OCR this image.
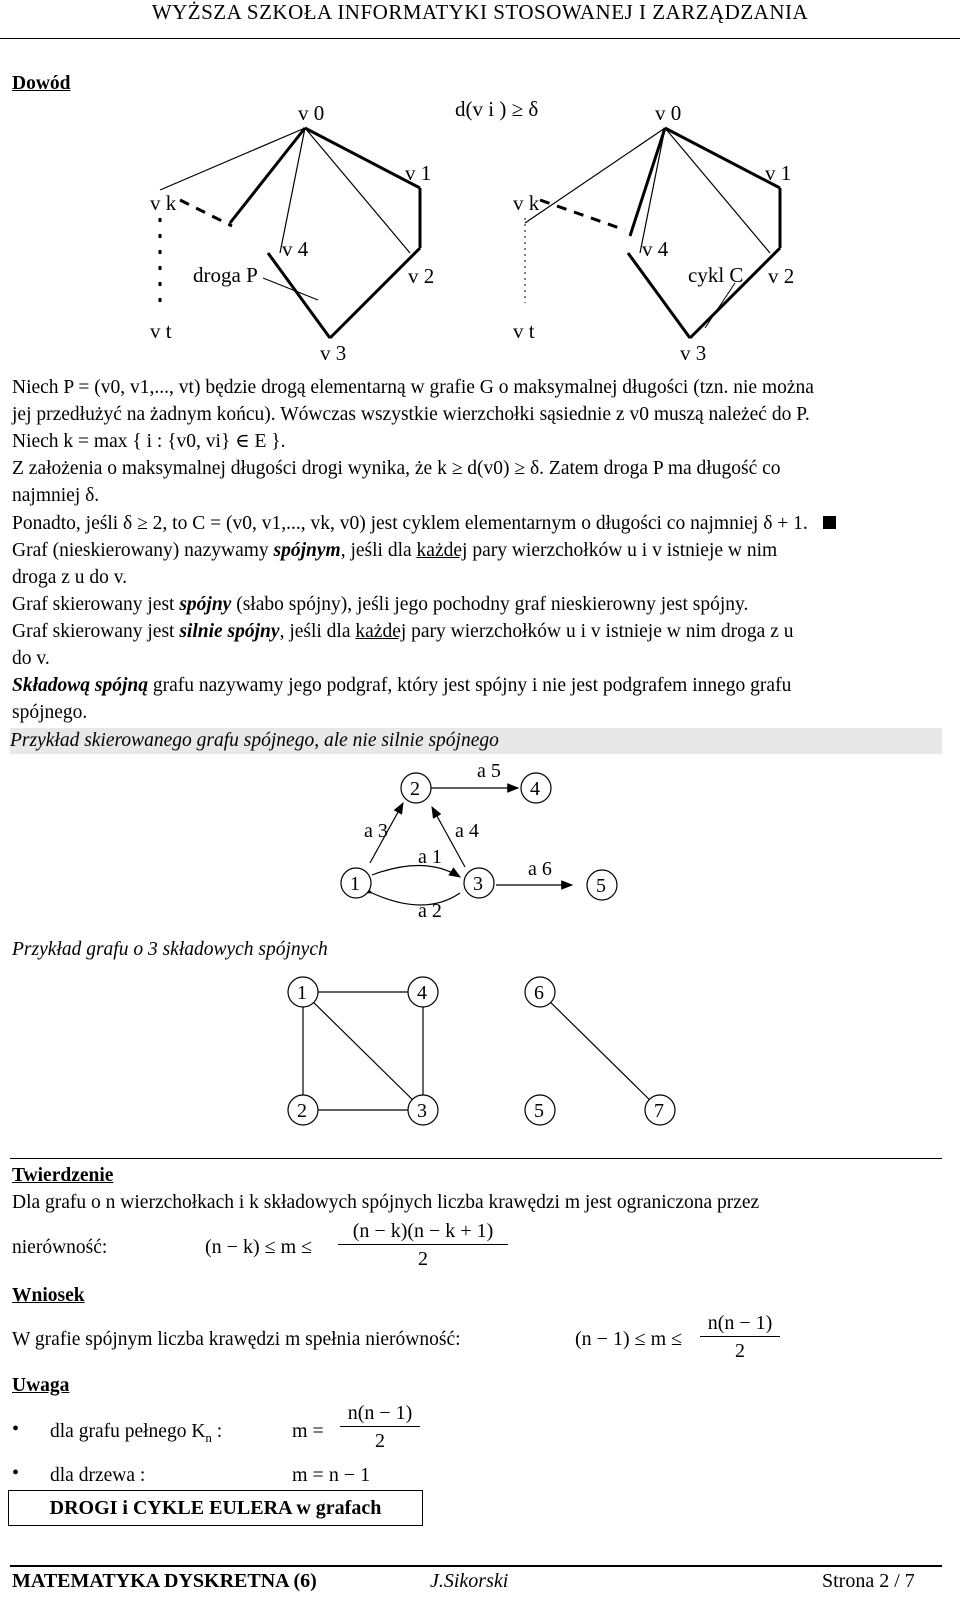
WYŻSZA SZKOŁA INFORMATYKI STOSOWANEJ I ZARZĄDZANIA
Dowód
v 0
v 1
v 2
v 3
v 4
v k
v t
droga P
d(v i ) ≥ δ	v 0
v 1
v 2
v 3
v 4
v k
v t
cykl C
Niech P = (v0, v1,..., vt) będzie drogą elementarną w grafie G o maksymalnej długości (tzn. nie można
jej przedłużyć na żadnym końcu). Wówczas wszystkie wierzchołki sąsiednie z v0 muszą należeć do P.
Niech k = max { i : {v0, vi} ∈ E }.
Z założenia o maksymalnej długości drogi wynika, że k ≥ d(v0) ≥ δ. Zatem droga P ma długość co
najmniej δ.
Ponadto, jeśli δ ≥ 2, to C = (v0, v1,..., vk, v0) jest cyklem elementarnym o długości co najmniej δ + 1.
Graf (nieskierowany) nazywamy spójnym, jeśli dla każdej pary wierzchołków u i v istnieje w nim
droga z u do v.
Graf skierowany jest spójny (słabo spójny), jeśli jego pochodny graf nieskierowny jest spójny.
Graf skierowany jest silnie spójny, jeśli dla każdej pary wierzchołków u i v istnieje w nim droga z u
do v.
Składową spójną grafu nazywamy jego podgraf, który jest spójny i nie jest podgrafem innego grafu
spójnego.
Przykład skierowanego grafu spójnego, ale nie silnie spójnego
2	4
1	3	5
a 5
a 3	a 4
a 1
a 2
a 6
Przykład grafu o 3 składowych spójnych
1	4	6
2	3	5	7
Twierdzenie
Dla grafu o n wierzchołkach i k składowych spójnych liczba krawędzi m jest ograniczona przez
nierówność:	$(n - k) \le m \le \frac{(n - k)(n - k + 1)}{2}$
Wniosek
W grafie spójnym liczba krawędzi m spełnia nierówność:	$(n - 1) \le m \le \frac{n(n - 1)}{2}$
Uwaga
• dla grafu pełnego $K_n$ :	$m = \frac{n(n - 1)}{2}$
• dla drzewa :	m = n − 1
DROGI i CYKLE EULERA w grafach
MATEMATYKA DYSKRETNA (6)	J.Sikorski	Strona 2 / 7
